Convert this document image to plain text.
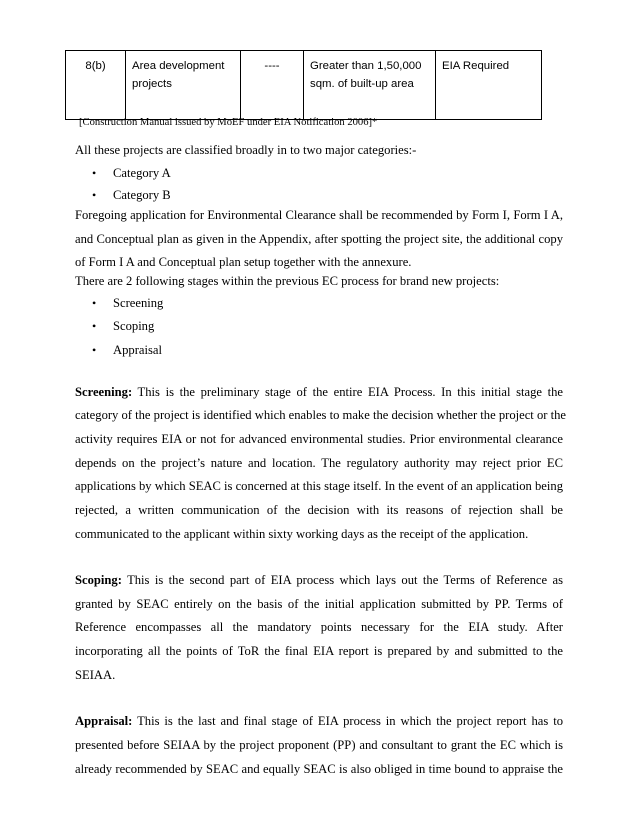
8(b)	Area development projects	----	Greater than 1,50,000 sqm. of built-up area	EIA Required
[Construction Manual issued by MoEF under EIA Notification 2006]*
All these projects are classified broadly in to two major categories:-
• Category A
• Category B
Foregoing application for Environmental Clearance shall be recommended by Form I, Form I A,
and Conceptual plan as given in the Appendix, after spotting the project site, the additional copy
of Form I A and Conceptual plan setup together with the annexure.
There are 2 following stages within the previous EC process for brand new projects:
• Screening
• Scoping
• Appraisal
Screening: This is the preliminary stage of the entire EIA Process. In this initial stage the
category of the project is identified which enables to make the decision whether the project or the
activity requires EIA or not for advanced environmental studies. Prior environmental clearance
depends on the project’s nature and location. The regulatory authority may reject prior EC
applications by which SEAC is concerned at this stage itself. In the event of an application being
rejected, a written communication of the decision with its reasons of rejection shall be
communicated to the applicant within sixty working days as the receipt of the application.
Scoping: This is the second part of EIA process which lays out the Terms of Reference as
granted by SEAC entirely on the basis of the initial application submitted by PP. Terms of
Reference encompasses all the mandatory points necessary for the EIA study. After
incorporating all the points of ToR the final EIA report is prepared by and submitted to the
SEIAA.
Appraisal: This is the last and final stage of EIA process in which the project report has to
presented before SEIAA by the project proponent (PP) and consultant to grant the EC which is
already recommended by SEAC and equally SEAC is also obliged in time bound to appraise the
